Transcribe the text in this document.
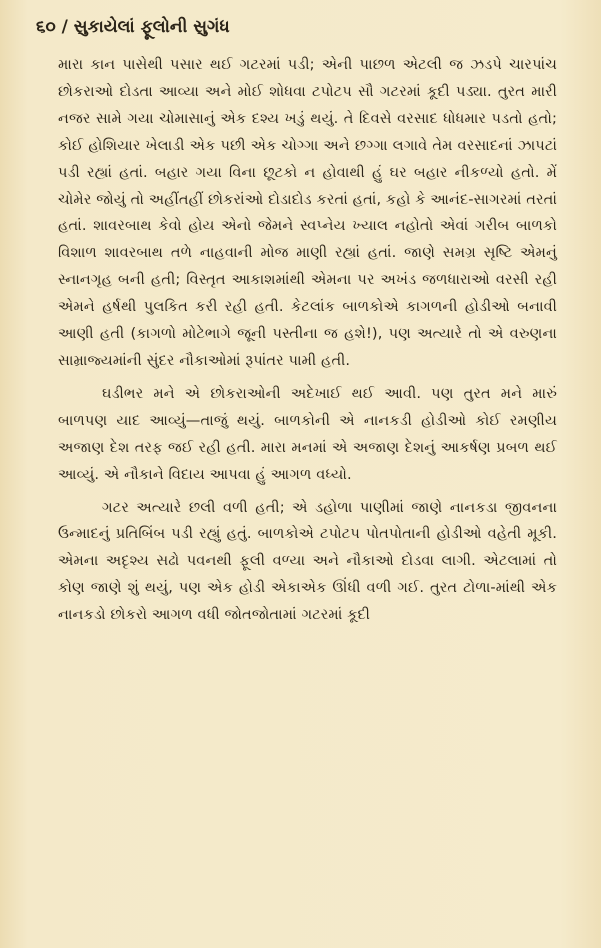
૬૦ / સુકાયેલાં ફૂલોની સુગંધ

મારા કાન પાસેથી પસાર થઈ ગટરમાં પડી; એની પાછળ એટલી જ ઝડપે ચારપાંચ છોકરાઓ દોડતા આવ્યા અને મોઈ શોધવા ટપોટપ સૌ ગટરમાં કૂદી પડ્યા. તુરત મારી નજર સામે ગયા ચોમાસાનું એક દશ્ય ખડું થયું. તે દિવસે વરસાદ ધોધમાર પડતો હતો; કોઈ હોશિયાર ખેલાડી એક પછી એક ચોગ્ગા અને છગ્ગા લગાવે તેમ વરસાદનાં ઝાપટાં પડી રહ્યાં હતાં. બહાર ગયા વિના છૂટકો ન હોવાથી હું ઘર બહાર નીકળ્યો હતો. મેં ચોમેર જોયું તો અહીંતહીં છોકરાંઓ દોડાદોડ કરતાં હતાં, કહો કે આનંદ-સાગરમાં તરતાં હતાં. શાવરબાથ કેવો હોય એનો જેમને સ્વપ્નેય ખ્યાલ નહોતો એવાં ગરીબ બાળકો વિશાળ શાવરબાથ તળે નાહવાની મોજ માણી રહ્યાં હતાં. જાણે સમગ્ર સૃષ્ટિ એમનું સ્નાનગૃહ બની હતી; વિસ્તૃત આકાશમાંથી એમના પર અખંડ જળધારાઓ વરસી રહી એમને હર્ષથી પુલકિત કરી રહી હતી. કેટલાંક બાળકોએ કાગળની હોડીઓ બનાવી આણી હતી (કાગળો મોટેભાગે જૂની પસ્તીના જ હશે!), પણ અત્યારે તો એ વરુણના સામ્રાજ્યમાંની સુંદર નૌકાઓમાં રૂપાંતર પામી હતી.

ઘડીભર મને એ છોકરાઓની અદેખાઈ થઈ આવી. પણ તુરત મને મારું બાળપણ યાદ આવ્યું—તાજું થયું. બાળકોની એ નાનકડી હોડીઓ કોઈ રમણીય અજાણ દેશ તરફ જઈ રહી હતી. મારા મનમાં એ અજાણ દેશનું આકર્ષણ પ્રબળ થઈ આવ્યું. એ નૌકાને વિદાય આપવા હું આગળ વધ્યો.

ગટર અત્યારે છલી વળી હતી; એ ડહોળા પાણીમાં જાણે નાનકડા જીવનના ઉન્માદનું પ્રતિબિંબ પડી રહ્યું હતું. બાળકોએ ટપોટપ પોતપોતાની હોડીઓ વહેતી મૂકી. એમના અદૃશ્ય સઢો પવનથી ફૂલી વળ્યા અને નૌકાઓ દોડવા લાગી. એટલામાં તો કોણ જાણે શું થયું, પણ એક હોડી એકાએક ઊંધી વળી ગઈ. તુરત ટોળા-માંથી એક નાનકડો છોકરો આગળ વધી જોતજોતામાં ગટરમાં કૂદી
